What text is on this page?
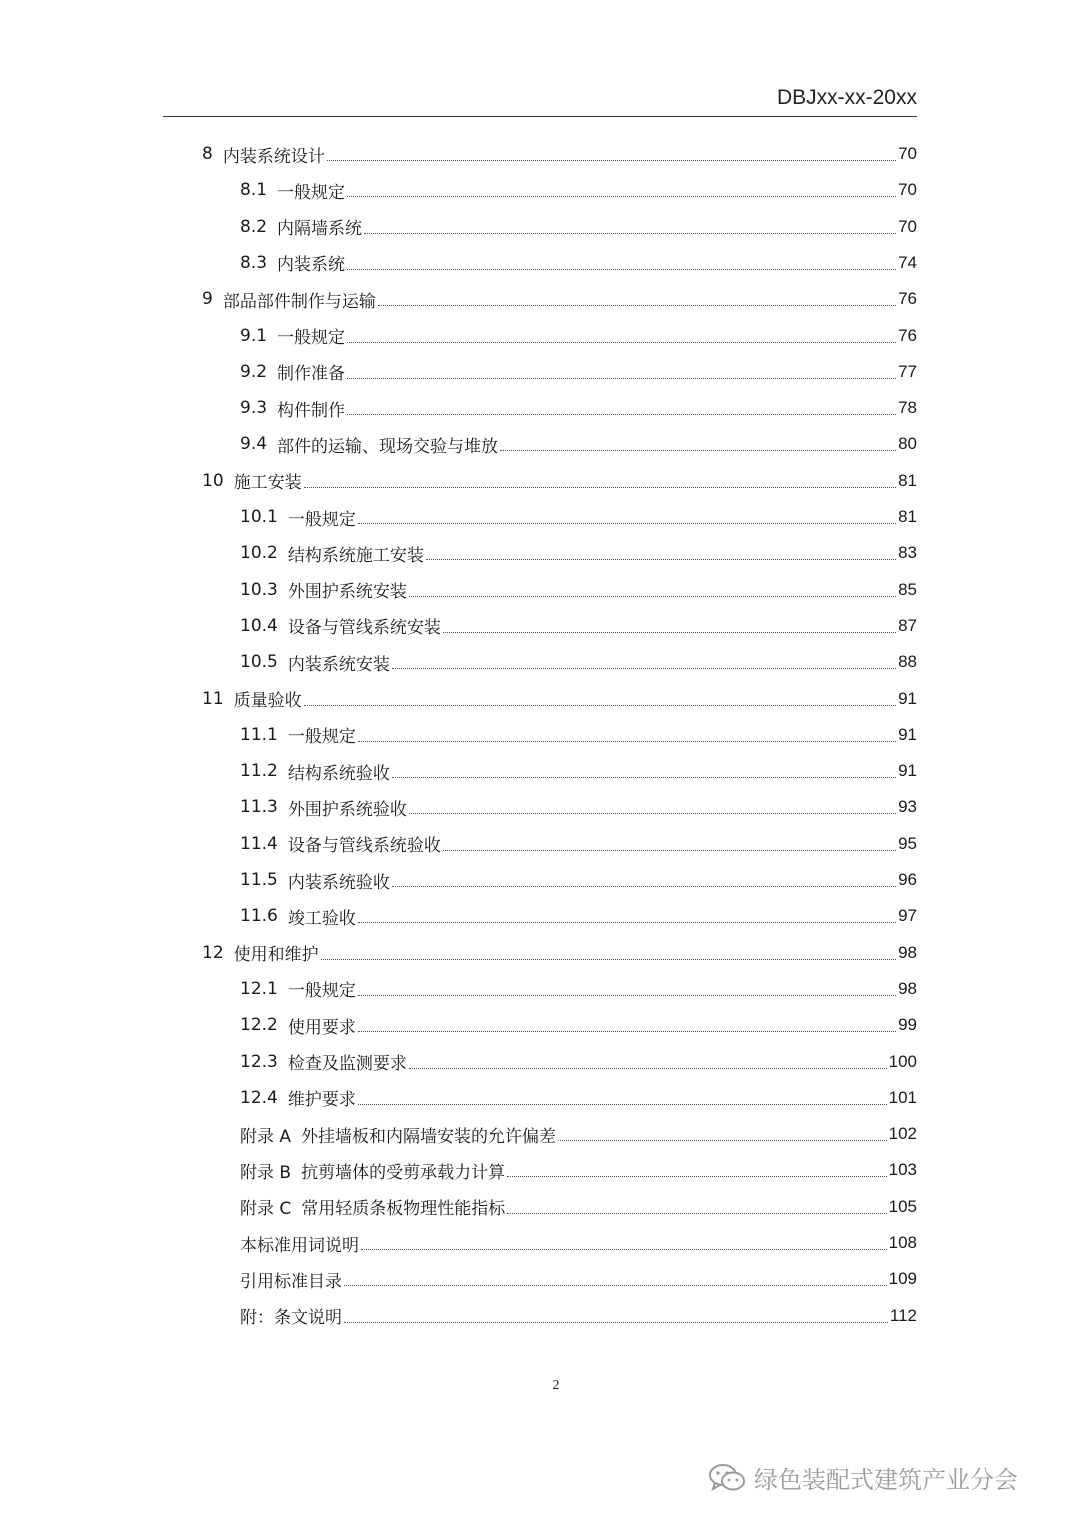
DBJxx-xx-20xx
8 内装系统设计	70
8.1 一般规定	70
8.2 内隔墙系统	70
8.3 内装系统	74
9 部品部件制作与运输	76
9.1 一般规定	76
9.2 制作准备	77
9.3 构件制作	78
9.4 部件的运输、现场交验与堆放	80
10 施工安装	81
10.1 一般规定	81
10.2 结构系统施工安装	83
10.3 外围护系统安装	85
10.4 设备与管线系统安装	87
10.5 内装系统安装	88
11 质量验收	91
11.1 一般规定	91
11.2 结构系统验收	91
11.3 外围护系统验收	93
11.4 设备与管线系统验收	95
11.5 内装系统验收	96
11.6 竣工验收	97
12 使用和维护	98
12.1 一般规定	98
12.2 使用要求	99
12.3 检查及监测要求	100
12.4 维护要求	101
附录 A 外挂墙板和内隔墙安装的允许偏差	102
附录 B 抗剪墙体的受剪承载力计算	103
附录 C 常用轻质条板物理性能指标	105
本标准用词说明	108
引用标准目录	109
附：条文说明	112
2
绿色装配式建筑产业分会
